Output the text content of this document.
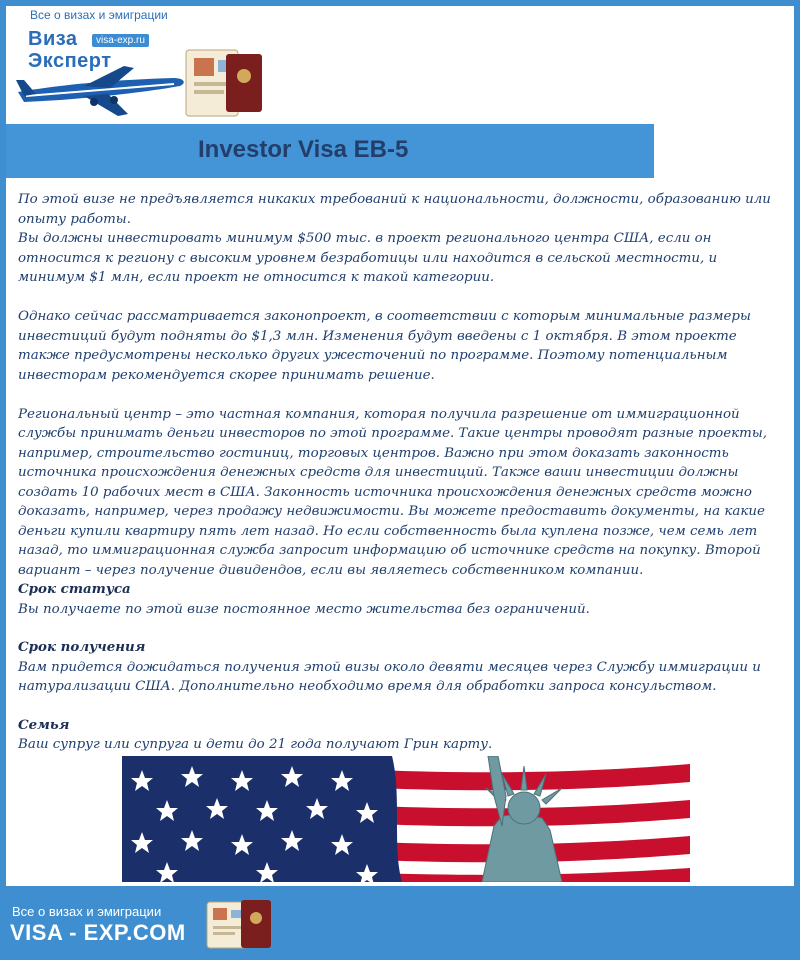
Все о визах и эмиграции
Виза
Эксперт
visa-exp.ru
Investor Visa EB-5

По этой визе не предъявляется никаких требований к национальности, должности, образованию или опыту работы.

Вы должны инвестировать минимум $500 тыс. в проект регионального центра США, если он относится к региону с высоким уровнем безработицы или находится в сельской местности, и минимум $1 млн, если проект не относится к такой категории.

Однако сейчас рассматривается законопроект, в соответствии с которым минимальные размеры инвестиций будут подняты до $1,3 млн. Изменения будут введены с 1 октября. В этом проекте также предусмотрены несколько других ужесточений по программе. Поэтому потенциальным инвесторам рекомендуется скорее принимать решение.

Региональный центр – это частная компания, которая получила разрешение от иммиграционной службы принимать деньги инвесторов по этой программе. Такие центры проводят разные проекты, например, строительство гостиниц, торговых центров. Важно при этом доказать законность источника происхождения денежных средств для инвестиций. Также ваши инвестиции должны создать 10 рабочих мест в США. Законность источника происхождения денежных средств можно доказать, например, через продажу недвижимости. Вы можете предоставить документы, на какие деньги купили квартиру пять лет назад. Но если собственность была куплена позже, чем семь лет назад, то иммиграционная служба запросит информацию об источнике средств на покупку. Второй вариант – через получение дивидендов, если вы являетесь собственником компании.

Срок статуса

Вы получаете по этой визе постоянное место жительства без ограничений.

Срок получения

Вам придется дожидаться получения этой визы около девяти месяцев через Службу иммиграции и натурализации США. Дополнительно необходимо время для обработки запроса консульством.

Семья

Ваш супруг или супруга и дети до 21 года получают Грин карту.

Все о визах и эмиграции
VISA - EXP.COM
